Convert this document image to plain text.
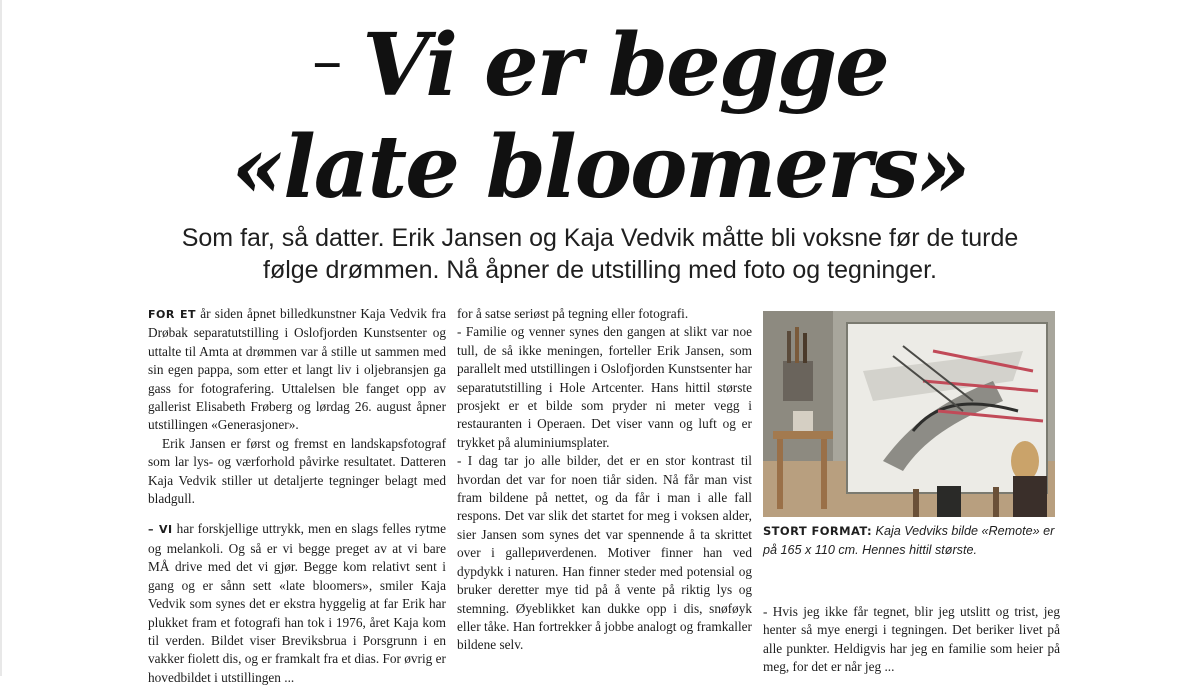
– Vi er begge
«late bloomers»
Som far, så datter. Erik Jansen og Kaja Vedvik måtte bli voksne før de turde
følge drømmen. Nå åpner de utstilling med foto og tegninger.

FOR ET år siden åpnet billedkunstner Kaja Vedvik fra Drøbak separatutstilling i Oslofjorden Kunstsenter og uttalte til Amta at drømmen var å stille ut sammen med sin egen pappa, som etter et langt liv i oljebransjen ga gass for fotografering. Uttalelsen ble fanget opp av gallerist Elisabeth Frøberg og lørdag 26. august åpner utstillingen «Generasjoner».

Erik Jansen er først og fremst en landskapsfotograf som lar lys- og værforhold påvirke resultatet. Datteren Kaja Vedvik stiller ut detaljerte tegninger belagt med bladgull.

– VI har forskjellige uttrykk, men en slags felles rytme og melankoli. Og så er vi begge preget av at vi bare MÅ drive med det vi gjør. Begge kom relativt sent i gang og er sånn sett «late bloomers», smiler Kaja Vedvik som synes det er ekstra hyggelig at far Erik har plukket fram et fotografi han tok i 1976, året Kaja kom til verden. Bildet viser Breviksbrua i Porsgrunn i en vakker fiolett dis, og er framkalt fra et dias. For øvrig er hovedbildet i utstillingen ...

for å satse seriøst på tegning eller fotografi.

- Familie og venner synes den gangen at slikt var noe tull, de så ikke meningen, forteller Erik Jansen, som parallelt med utstillingen i Oslofjorden Kunstsenter har separatutstilling i Hole Artcenter. Hans hittil største prosjekt er et bilde som pryder ni meter vegg i restauranten i Operaen. Det viser vann og luft og er trykket på aluminiumsplater.

- I dag tar jo alle bilder, det er en stor kontrast til hvordan det var for noen tiår siden. Nå får man vist fram bildene på nettet, og da får i man i alle fall respons. Det var slik det startet for meg i voksen alder, sier Jansen som synes det var spennende å ta skrittet over i gallериverdenen. Motiver finner han ved dypdykk i naturen. Han finner steder med potensial og bruker deretter mye tid på å vente på riktig lys og stemning. Øyeblikket kan dukke opp i dis, snøføyk eller tåke. Han fortrekker å jobbe analogt og framkaller bildene selv.

STORT FORMAT: Kaja Vedviks bilde «Remote» er på 165 x 110 cm. Hennes hittil største.

- Hvis jeg ikke får tegnet, blir jeg utslitt og trist, jeg henter så mye energi i tegningen. Det beriker livet på alle punkter. Heldigvis har jeg en familie som heier på meg, for det er når jeg ...
